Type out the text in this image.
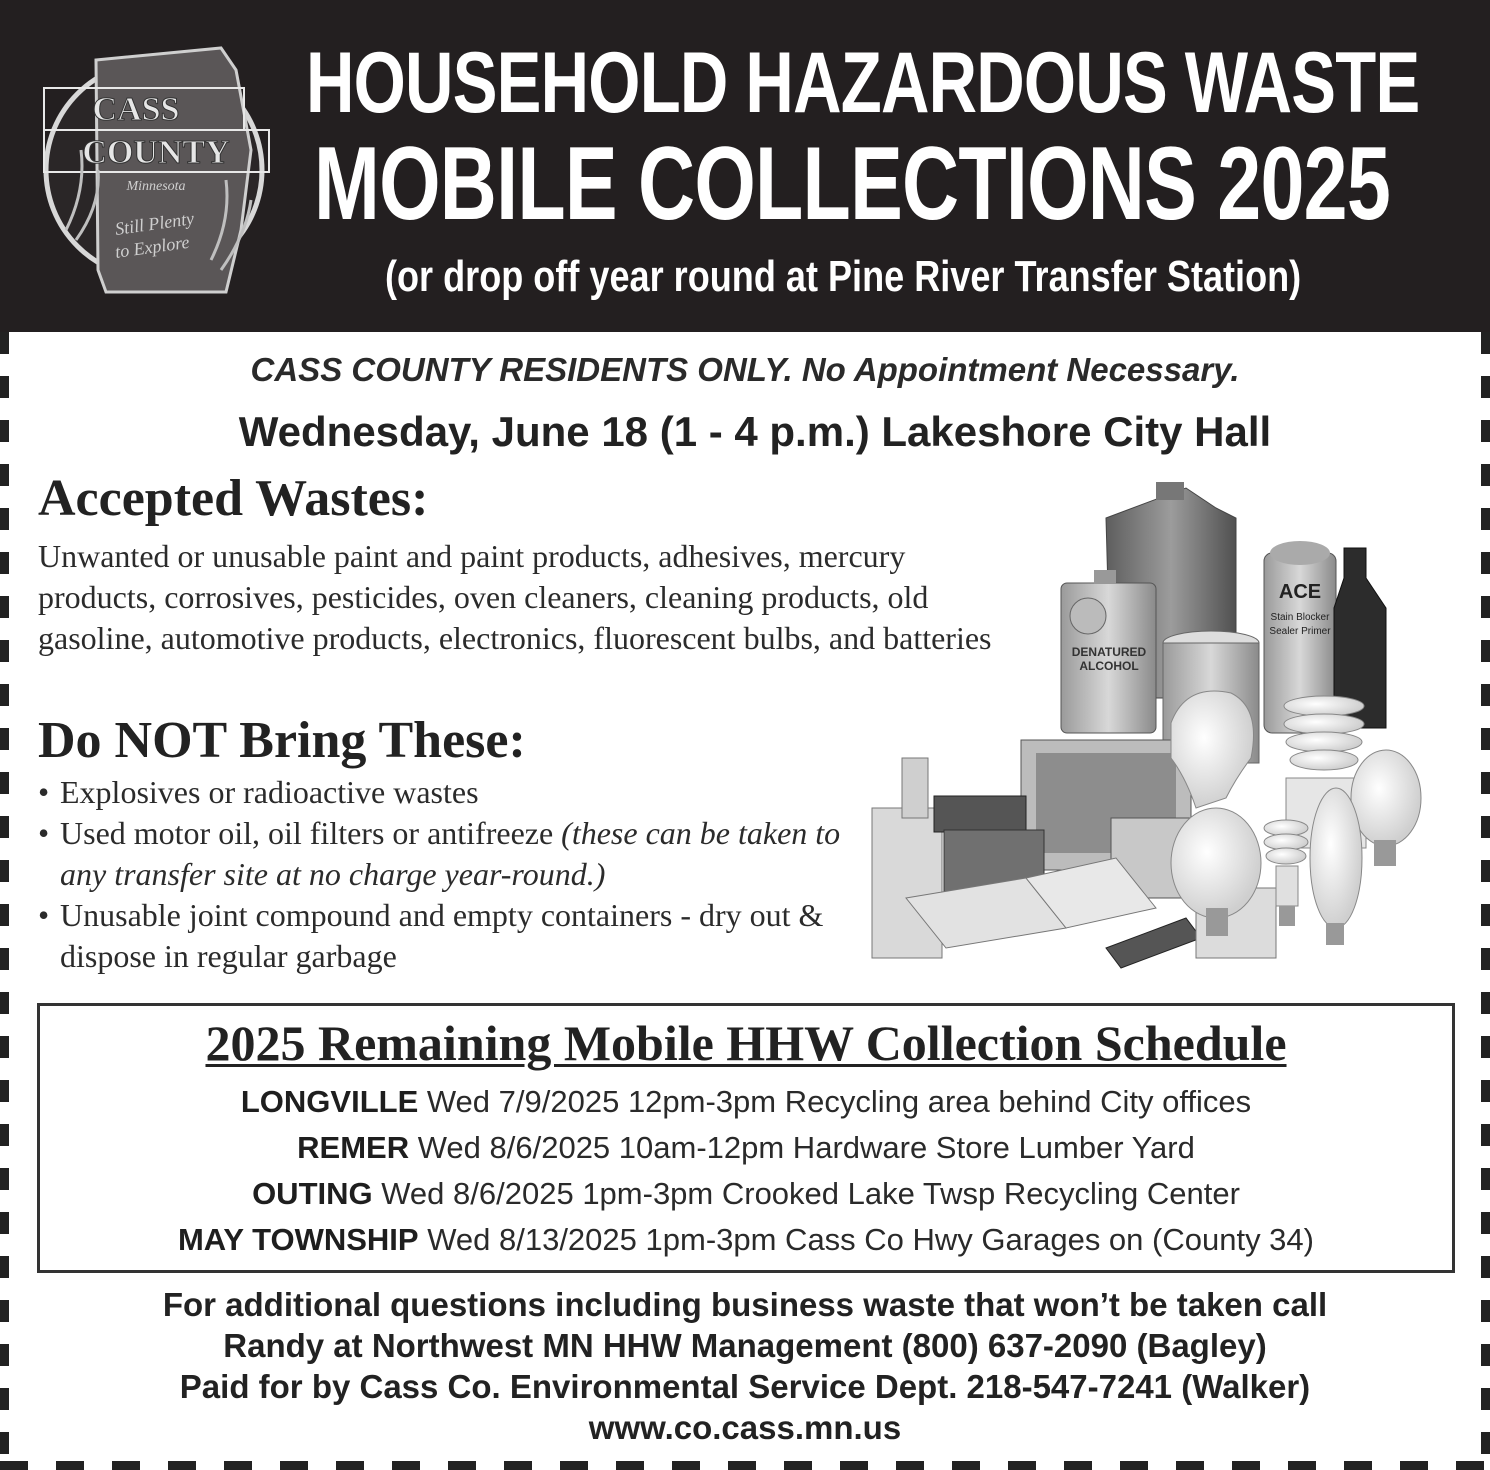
CASS
COUNTY
Minnesota
Still Plenty
to Explore
HOUSEHOLD HAZARDOUS WASTE
MOBILE COLLECTIONS 2025
(or drop off year round at Pine River Transfer Station)
CASS COUNTY RESIDENTS ONLY. No Appointment Necessary.
Wednesday, June 18 (1 - 4 p.m.) Lakeshore City Hall
Accepted Wastes:
Unwanted or unusable paint and paint products, adhesives, mercury products, corrosives, pesticides, oven cleaners, cleaning products, old gasoline, automotive products, electronics, fluorescent bulbs, and batteries
Do NOT Bring These:
• Explosives or radioactive wastes
• Used motor oil, oil filters or antifreeze (these can be taken to any transfer site at no charge year-round.)
• Unusable joint compound and empty containers - dry out & dispose in regular garbage
DENATURED
ALCOHOL
ACE
Stain Blocker
Sealer Primer
2025 Remaining Mobile HHW Collection Schedule
LONGVILLE Wed 7/9/2025 12pm-3pm Recycling area behind City offices
REMER Wed 8/6/2025 10am-12pm Hardware Store Lumber Yard
OUTING Wed 8/6/2025 1pm-3pm Crooked Lake Twsp Recycling Center
MAY TOWNSHIP Wed 8/13/2025 1pm-3pm Cass Co Hwy Garages on (County 34)
For additional questions including business waste that won’t be taken call
Randy at Northwest MN HHW Management (800) 637-2090 (Bagley)
Paid for by Cass Co. Environmental Service Dept. 218-547-7241 (Walker)
www.co.cass.mn.us
